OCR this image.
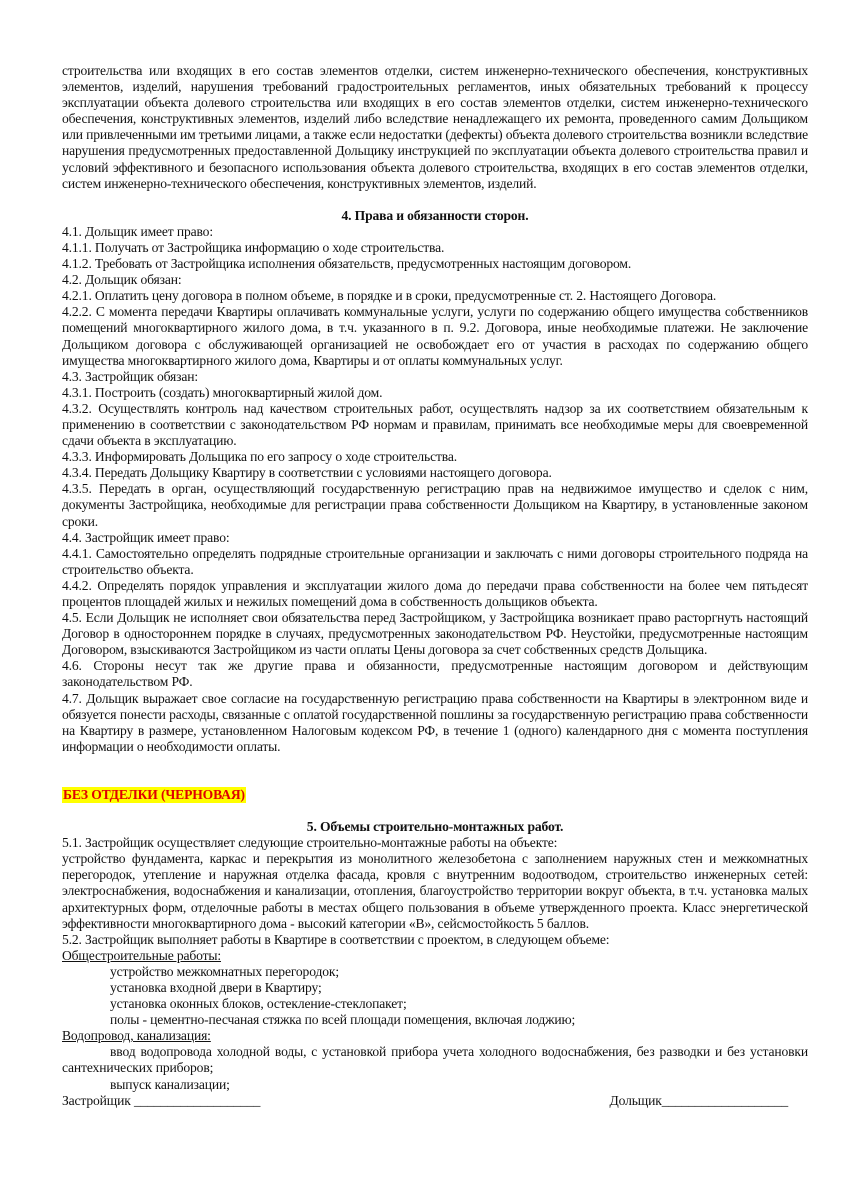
строительства или входящих в его состав элементов отделки, систем инженерно-технического обеспечения, конструктивных элементов, изделий, нарушения требований градостроительных регламентов, иных обязательных требований к процессу эксплуатации объекта долевого строительства или входящих в его состав элементов отделки, систем инженерно-технического обеспечения, конструктивных элементов, изделий либо вследствие ненадлежащего их ремонта, проведенного самим Дольщиком или привлеченными им третьими лицами, а также если недостатки (дефекты) объекта долевого строительства возникли вследствие нарушения предусмотренных предоставленной Дольщику инструкцией по эксплуатации объекта долевого строительства правил и условий эффективного и безопасного использования объекта долевого строительства, входящих в его состав элементов отделки, систем инженерно-технического обеспечения, конструктивных элементов, изделий.

4. Права и обязанности сторон.

4.1. Дольщик имеет право:

4.1.1. Получать от Застройщика информацию о ходе строительства.

4.1.2. Требовать от Застройщика исполнения обязательств, предусмотренных настоящим договором.

4.2. Дольщик обязан:

4.2.1. Оплатить цену договора в полном объеме, в порядке и в сроки, предусмотренные ст. 2. Настоящего Договора.

4.2.2. С момента передачи Квартиры оплачивать коммунальные услуги, услуги по содержанию общего имущества собственников помещений многоквартирного жилого дома, в т.ч. указанного в п. 9.2. Договора, иные необходимые платежи. Не заключение Дольщиком договора с обслуживающей организацией не освобождает его от участия в расходах по содержанию общего имущества многоквартирного жилого дома, Квартиры и от оплаты коммунальных услуг.

4.3. Застройщик обязан:

4.3.1. Построить (создать) многоквартирный жилой дом.

4.3.2. Осуществлять контроль над качеством строительных работ, осуществлять надзор за их соответствием обязательным к применению в соответствии с законодательством РФ нормам и правилам, принимать все необходимые меры для своевременной сдачи объекта в эксплуатацию.

4.3.3. Информировать Дольщика по его запросу о ходе строительства.

4.3.4. Передать Дольщику Квартиру в соответствии с условиями настоящего договора.

4.3.5. Передать в орган, осуществляющий государственную регистрацию прав на недвижимое имущество и сделок с ним, документы Застройщика, необходимые для регистрации права собственности Дольщиком на Квартиру, в установленные законом сроки.

4.4. Застройщик имеет право:

4.4.1. Самостоятельно определять подрядные строительные организации и заключать с ними договоры строительного подряда на строительство объекта.

4.4.2. Определять порядок управления и эксплуатации жилого дома до передачи права собственности на более чем пятьдесят процентов площадей жилых и нежилых помещений дома в собственность дольщиков объекта.

4.5. Если Дольщик не исполняет свои обязательства перед Застройщиком, у Застройщика возникает право расторгнуть настоящий Договор в одностороннем порядке в случаях, предусмотренных законодательством РФ. Неустойки, предусмотренные настоящим Договором, взыскиваются Застройщиком из части оплаты Цены договора за счет собственных средств Дольщика.

4.6. Стороны несут так же другие права и обязанности, предусмотренные настоящим договором и действующим законодательством РФ.

4.7. Дольщик выражает свое согласие на государственную регистрацию права собственности на Квартиры в электронном виде и обязуется понести расходы, связанные с оплатой государственной пошлины за государственную регистрацию права собственности на Квартиру в размере, установленном Налоговым кодексом РФ, в течение 1 (одного) календарного дня с момента поступления информации о необходимости оплаты.

БЕЗ ОТДЕЛКИ (ЧЕРНОВАЯ)

5. Объемы строительно-монтажных работ.

5.1. Застройщик осуществляет следующие строительно-монтажные работы на объекте:

устройство фундамента, каркас и перекрытия из монолитного железобетона с заполнением наружных стен и межкомнатных перегородок, утепление и наружная отделка фасада, кровля с внутренним водоотводом, строительство инженерных сетей: электроснабжения, водоснабжения и канализации, отопления, благоустройство территории вокруг объекта, в т.ч. установка малых архитектурных форм, отделочные работы в местах общего пользования в объеме утвержденного проекта. Класс энергетической эффективности многоквартирного дома - высокий категории «В», сейсмостойкость 5 баллов.

5.2. Застройщик выполняет работы в Квартире в соответствии с проектом, в следующем объеме:

Общестроительные работы:

устройство межкомнатных перегородок;

установка входной двери в Квартиру;

установка оконных блоков, остекление-стеклопакет;

полы - цементно-песчаная стяжка по всей площади помещения, включая лоджию;

Водопровод, канализация:

ввод водопровода холодной воды, с установкой прибора учета холодного водоснабжения, без разводки и без установки сантехнических приборов;

выпуск канализации;

Застройщик ___________________	Дольщик___________________
